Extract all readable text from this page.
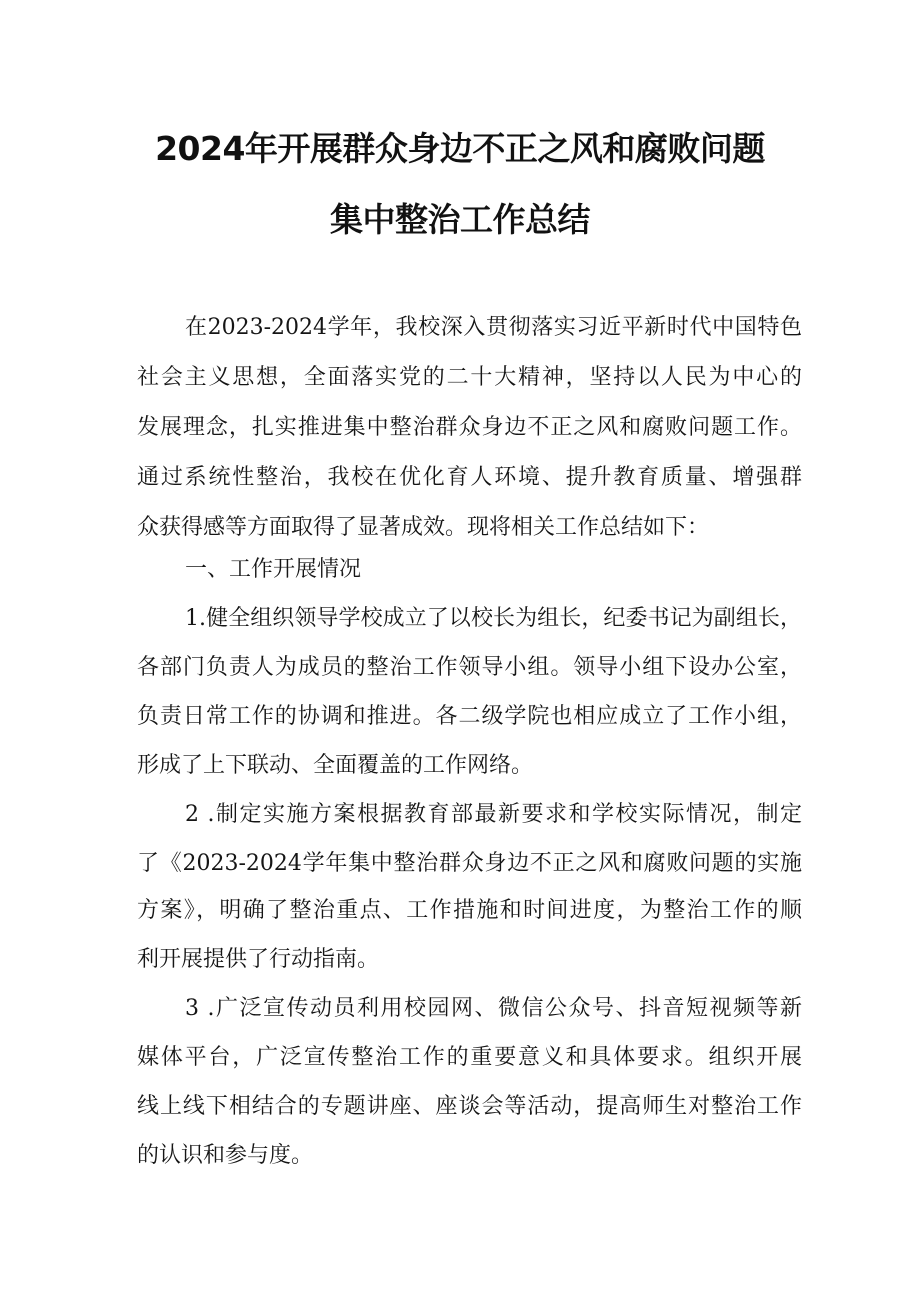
2024年开展群众身边不正之风和腐败问题
集中整治工作总结
在2023-2024学年，我校深入贯彻落实习近平新时代中国特色
社会主义思想，全面落实党的二十大精神，坚持以人民为中心的
发展理念，扎实推进集中整治群众身边不正之风和腐败问题工作。
通过系统性整治，我校在优化育人环境、提升教育质量、增强群
众获得感等方面取得了显著成效。现将相关工作总结如下：
一、工作开展情况
1.健全组织领导学校成立了以校长为组长，纪委书记为副组长，
各部门负责人为成员的整治工作领导小组。领导小组下设办公室，
负责日常工作的协调和推进。各二级学院也相应成立了工作小组，
形成了上下联动、全面覆盖的工作网络。
2 .制定实施方案根据教育部最新要求和学校实际情况，制定
了《2023-2024学年集中整治群众身边不正之风和腐败问题的实施
方案》，明确了整治重点、工作措施和时间进度，为整治工作的顺
利开展提供了行动指南。
3 .广泛宣传动员利用校园网、微信公众号、抖音短视频等新
媒体平台，广泛宣传整治工作的重要意义和具体要求。组织开展
线上线下相结合的专题讲座、座谈会等活动，提高师生对整治工作
的认识和参与度。
